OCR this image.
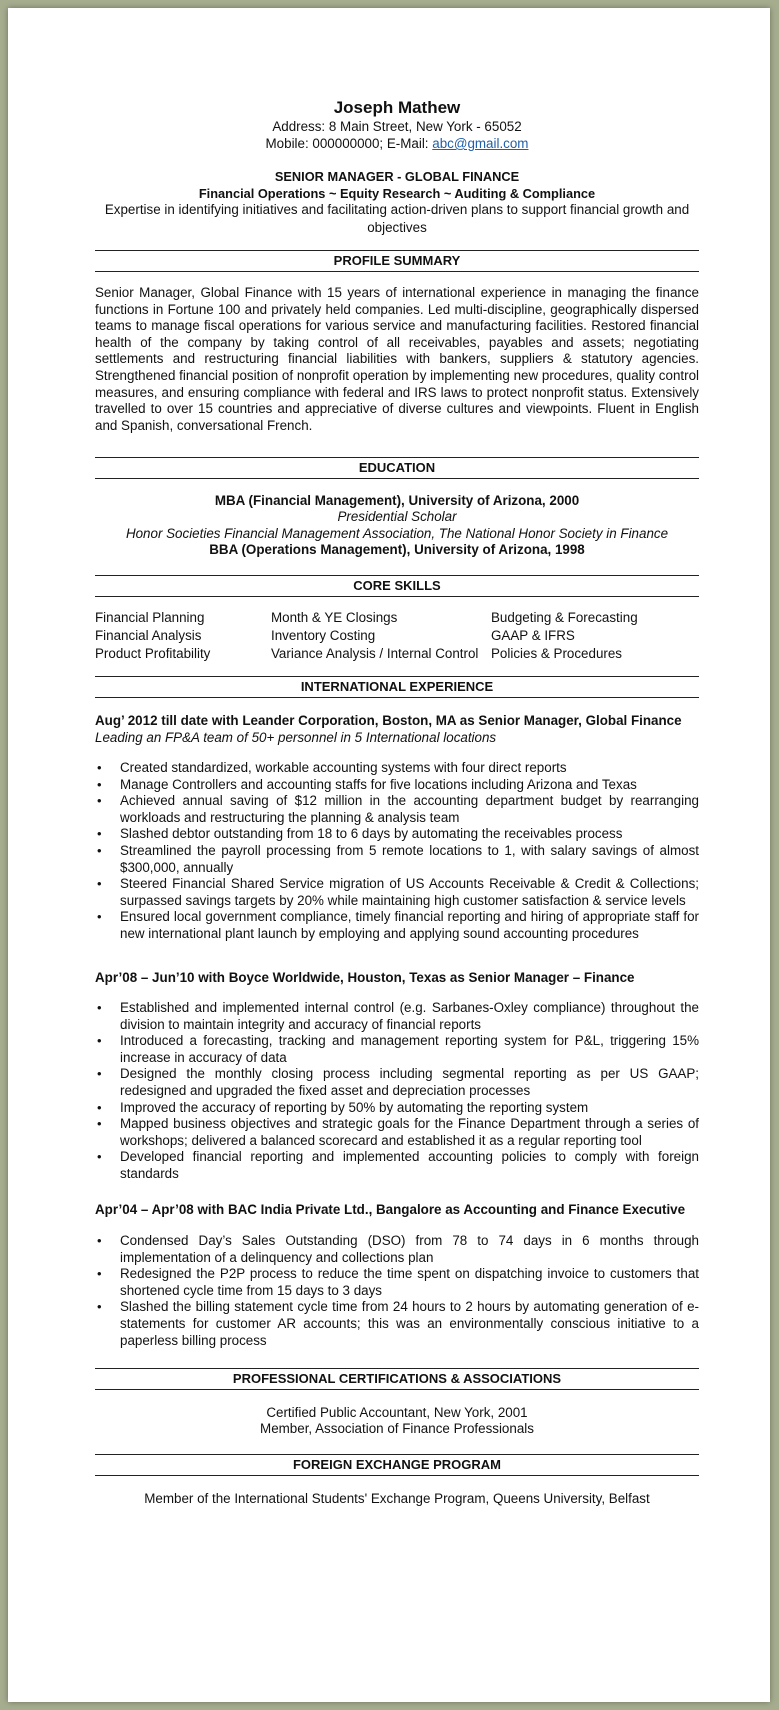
Joseph Mathew
Address: 8 Main Street, New York - 65052
Mobile: 000000000; E-Mail: abc@gmail.com
SENIOR MANAGER - GLOBAL FINANCE
Financial Operations ~ Equity Research ~ Auditing & Compliance
Expertise in identifying initiatives and facilitating action-driven plans to support financial growth and objectives
PROFILE SUMMARY
Senior Manager, Global Finance with 15 years of international experience in managing the finance functions in Fortune 100 and privately held companies. Led multi-discipline, geographically dispersed teams to manage fiscal operations for various service and manufacturing facilities. Restored financial health of the company by taking control of all receivables, payables and assets; negotiating settlements and restructuring financial liabilities with bankers, suppliers & statutory agencies. Strengthened financial position of nonprofit operation by implementing new procedures, quality control measures, and ensuring compliance with federal and IRS laws to protect nonprofit status. Extensively travelled to over 15 countries and appreciative of diverse cultures and viewpoints. Fluent in English and Spanish, conversational French.
EDUCATION
MBA (Financial Management), University of Arizona, 2000
Presidential Scholar
Honor Societies Financial Management Association, The National Honor Society in Finance
BBA (Operations Management), University of Arizona, 1998
CORE SKILLS
Financial Planning
Financial Analysis
Product Profitability
Month & YE Closings
Inventory Costing
Variance Analysis / Internal Control
Budgeting & Forecasting
GAAP & IFRS
Policies & Procedures
INTERNATIONAL EXPERIENCE
Aug’ 2012 till date with Leander Corporation, Boston, MA as Senior Manager, Global Finance
Leading an FP&A team of 50+ personnel in 5 International locations
• Created standardized, workable accounting systems with four direct reports
• Manage Controllers and accounting staffs for five locations including Arizona and Texas
• Achieved annual saving of $12 million in the accounting department budget by rearranging workloads and restructuring the planning & analysis team
• Slashed debtor outstanding from 18 to 6 days by automating the receivables process
• Streamlined the payroll processing from 5 remote locations to 1, with salary savings of almost $300,000, annually
• Steered Financial Shared Service migration of US Accounts Receivable & Credit & Collections; surpassed savings targets by 20% while maintaining high customer satisfaction & service levels
• Ensured local government compliance, timely financial reporting and hiring of appropriate staff for new international plant launch by employing and applying sound accounting procedures
Apr’08 – Jun’10 with Boyce Worldwide, Houston, Texas as Senior Manager – Finance
• Established and implemented internal control (e.g. Sarbanes-Oxley compliance) throughout the division to maintain integrity and accuracy of financial reports
• Introduced a forecasting, tracking and management reporting system for P&L, triggering 15% increase in accuracy of data
• Designed the monthly closing process including segmental reporting as per US GAAP; redesigned and upgraded the fixed asset and depreciation processes
• Improved the accuracy of reporting by 50% by automating the reporting system
• Mapped business objectives and strategic goals for the Finance Department through a series of workshops; delivered a balanced scorecard and established it as a regular reporting tool
• Developed financial reporting and implemented accounting policies to comply with foreign standards
Apr’04 – Apr’08 with BAC India Private Ltd., Bangalore as Accounting and Finance Executive
• Condensed Day’s Sales Outstanding (DSO) from 78 to 74 days in 6 months through implementation of a delinquency and collections plan
• Redesigned the P2P process to reduce the time spent on dispatching invoice to customers that shortened cycle time from 15 days to 3 days
• Slashed the billing statement cycle time from 24 hours to 2 hours by automating generation of e-statements for customer AR accounts; this was an environmentally conscious initiative to a paperless billing process
PROFESSIONAL CERTIFICATIONS & ASSOCIATIONS
Certified Public Accountant, New York, 2001
Member, Association of Finance Professionals
FOREIGN EXCHANGE PROGRAM
Member of the International Students' Exchange Program, Queens University, Belfast
